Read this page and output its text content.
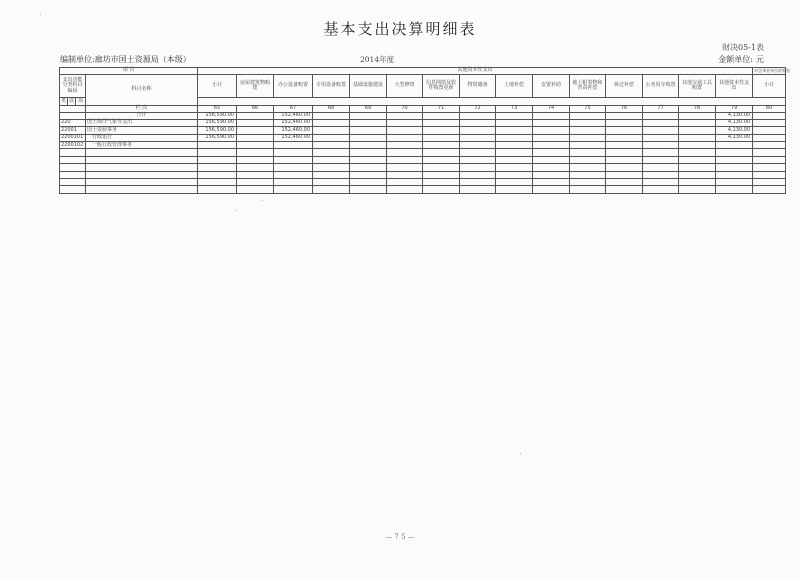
基本支出决算明细表
财决05-1表
编制单位:廊坊市国土资源局（本级）	2014年度	金额单位: 元
项 目				其他资本性支出															对企事业单位的补贴
支出功能分类科目编码			科目名称	小计	房屋建筑物购建	办公设备购置	专用设备购置	基础设施建设	大型修缮	信息网络及软件购置更新	物资储备	土地补偿	安置补助	地上附着物和青苗补偿	拆迁补偿	公务用车购置	其他交通工具购置	其他资本性支出	小计
类	款	项																	
			栏 次	65	66	67	68	69	70	71	72	73	74	75	76	77	78	79	80
			合计	156,590.00		152,460.00												4,130.00	
220			国土海洋气象等支出	156,590.00		152,460.00												4,130.00	
22001			国土资源事务	156,590.00		152,460.00												4,130.00	
2200101			行政运行	156,590.00		152,460.00												4,130.00	
2200102			一般行政管理事务																

— 7 5 —
